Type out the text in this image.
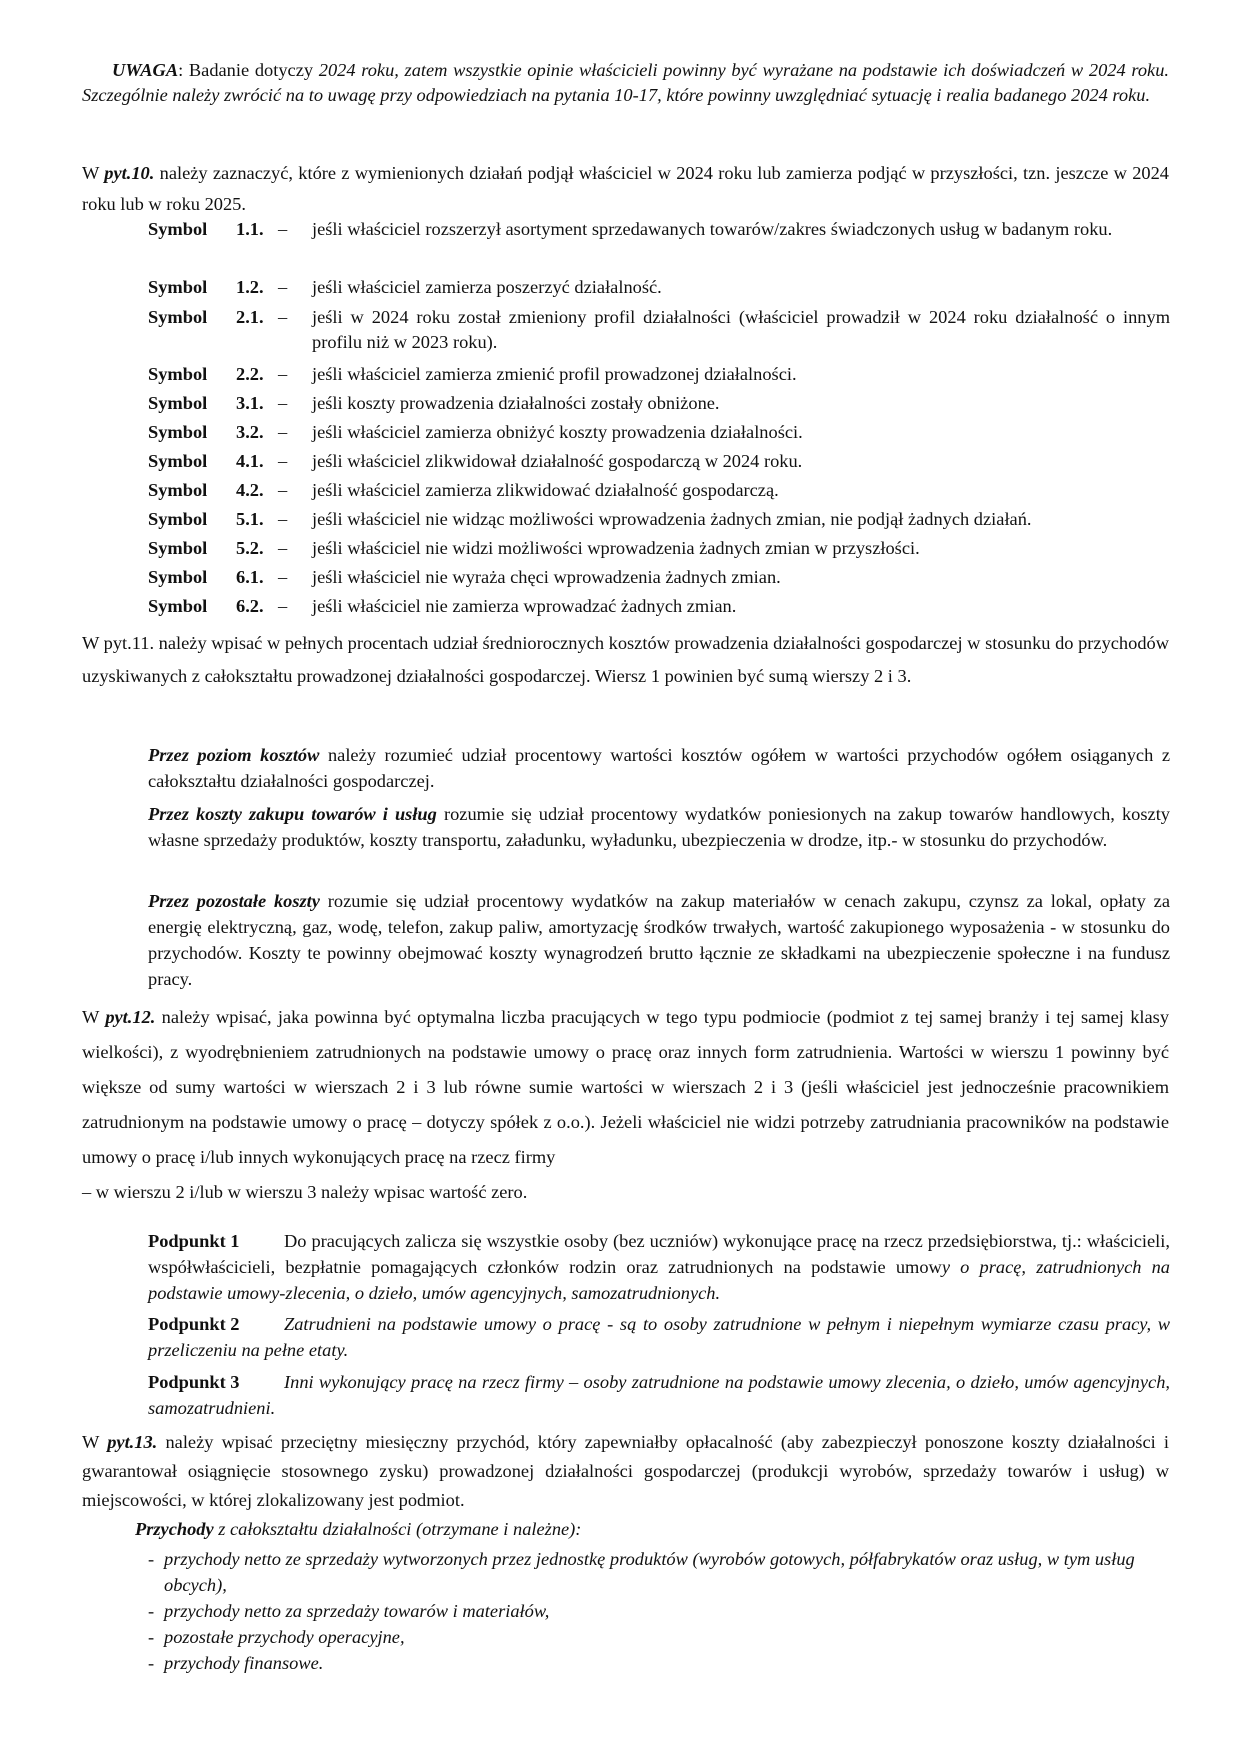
UWAGA: Badanie dotyczy 2024 roku, zatem wszystkie opinie właścicieli powinny być wyrażane na podstawie ich doświadczeń w 2024 roku. Szczególnie należy zwrócić na to uwagę przy odpowiedziach na pytania 10-17, które powinny uwzględniać sytuację i realia badanego 2024 roku.

W pyt.10. należy zaznaczyć, które z wymienionych działań podjął właściciel w 2024 roku lub zamierza podjąć w przyszłości, tzn. jeszcze w 2024 roku lub w roku 2025.

Symbol 1.1. – jeśli właściciel rozszerzył asortyment sprzedawanych towarów/zakres świadczonych usług w badanym roku.
Symbol 1.2. – jeśli właściciel zamierza poszerzyć działalność.
Symbol 2.1. – jeśli w 2024 roku został zmieniony profil działalności (właściciel prowadził w 2024 roku działalność o innym profilu niż w 2023 roku).
Symbol 2.2. – jeśli właściciel zamierza zmienić profil prowadzonej działalności.
Symbol 3.1. – jeśli koszty prowadzenia działalności zostały obniżone.
Symbol 3.2. – jeśli właściciel zamierza obniżyć koszty prowadzenia działalności.
Symbol 4.1. – jeśli właściciel zlikwidował działalność gospodarczą w 2024 roku.
Symbol 4.2. – jeśli właściciel zamierza zlikwidować działalność gospodarczą.
Symbol 5.1. – jeśli właściciel nie widząc możliwości wprowadzenia żadnych zmian, nie podjął żadnych działań.
Symbol 5.2. – jeśli właściciel nie widzi możliwości wprowadzenia żadnych zmian w przyszłości.
Symbol 6.1. – jeśli właściciel nie wyraża chęci wprowadzenia żadnych zmian.
Symbol 6.2. – jeśli właściciel nie zamierza wprowadzać żadnych zmian.

W pyt.11. należy wpisać w pełnych procentach udział średniorocznych kosztów prowadzenia działalności gospodarczej w stosunku do przychodów uzyskiwanych z całokształtu prowadzonej działalności gospodarczej. Wiersz 1 powinien być sumą wierszy 2 i 3.

Przez poziom kosztów należy rozumieć udział procentowy wartości kosztów ogółem w wartości przychodów ogółem osiąganych z całokształtu działalności gospodarczej.

Przez koszty zakupu towarów i usług rozumie się udział procentowy wydatków poniesionych na zakup towarów handlowych, koszty własne sprzedaży produktów, koszty transportu, załadunku, wyładunku, ubezpieczenia w drodze, itp.- w stosunku do przychodów.

Przez pozostałe koszty rozumie się udział procentowy wydatków na zakup materiałów w cenach zakupu, czynsz za lokal, opłaty za energię elektryczną, gaz, wodę, telefon, zakup paliw, amortyzację środków trwałych, wartość zakupionego wyposażenia - w stosunku do przychodów. Koszty te powinny obejmować koszty wynagrodzeń brutto łącznie ze składkami na ubezpieczenie społeczne i na fundusz pracy.

W pyt.12. należy wpisać, jaka powinna być optymalna liczba pracujących w tego typu podmiocie (podmiot z tej samej branży i tej samej klasy wielkości), z wyodrębnieniem zatrudnionych na podstawie umowy o pracę oraz innych form zatrudnienia. Wartości w wierszu 1 powinny być większe od sumy wartości w wierszach 2 i 3 lub równe sumie wartości w wierszach 2 i 3 (jeśli właściciel jest jednocześnie pracownikiem zatrudnionym na podstawie umowy o pracę – dotyczy spółek z o.o.). Jeżeli właściciel nie widzi potrzeby zatrudniania pracowników na podstawie umowy o pracę i/lub innych wykonujących pracę na rzecz firmy
– w wierszu 2 i/lub w wierszu 3 należy wpisac wartość zero.

Podpunkt 1 Do pracujących zalicza się wszystkie osoby (bez uczniów) wykonujące pracę na rzecz przedsiębiorstwa, tj.: właścicieli, współwłaścicieli, bezpłatnie pomagających członków rodzin oraz zatrudnionych na podstawie umowy o pracę, zatrudnionych na podstawie umowy-zlecenia, o dzieło, umów agencyjnych, samozatrudnionych.

Podpunkt 2 Zatrudnieni na podstawie umowy o pracę - są to osoby zatrudnione w pełnym i niepełnym wymiarze czasu pracy, w przeliczeniu na pełne etaty.

Podpunkt 3 Inni wykonujący pracę na rzecz firmy – osoby zatrudnione na podstawie umowy zlecenia, o dzieło, umów agencyjnych, samozatrudnieni.

W pyt.13. należy wpisać przeciętny miesięczny przychód, który zapewniałby opłacalność (aby zabezpieczył ponoszone koszty działalności i gwarantował osiągnięcie stosownego zysku) prowadzonej działalności gospodarczej (produkcji wyrobów, sprzedaży towarów i usług) w miejscowości, w której zlokalizowany jest podmiot.

Przychody z całokształtu działalności (otrzymane i należne):
- przychody netto ze sprzedaży wytworzonych przez jednostkę produktów (wyrobów gotowych, półfabrykatów oraz usług, w tym usług obcych),
- przychody netto za sprzedaży towarów i materiałów,
- pozostałe przychody operacyjne,
- przychody finansowe.
